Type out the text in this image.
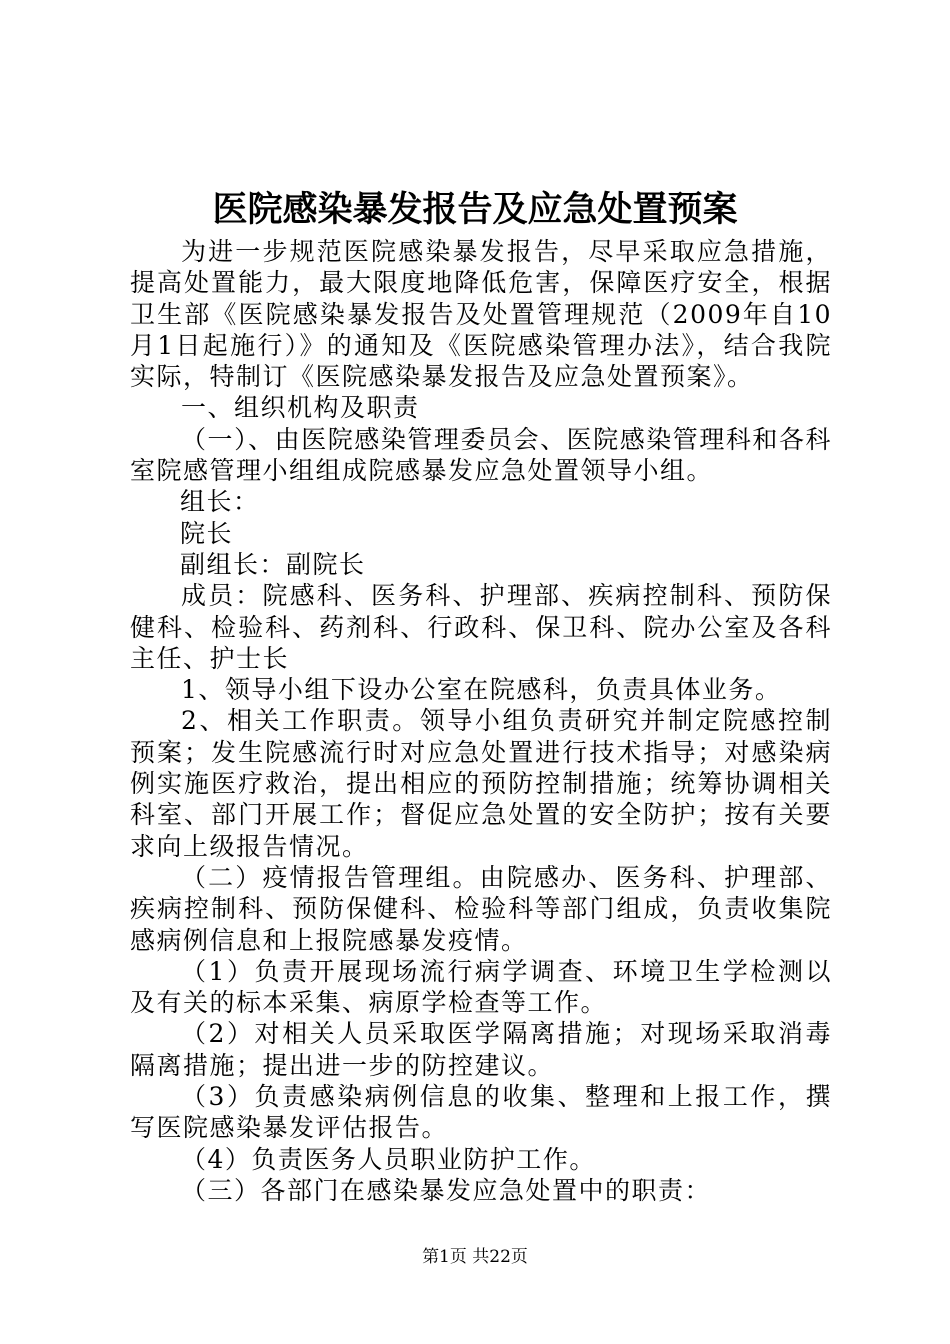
医院感染暴发报告及应急处置预案

为进一步规范医院感染暴发报告，尽早采取应急措施，提高处置能力，最大限度地降低危害，保障医疗安全，根据卫生部《医院感染暴发报告及处置管理规范（2009年自10月1日起施行）》的通知及《医院感染管理办法》，结合我院实际，特制订《医院感染暴发报告及应急处置预案》。

一、组织机构及职责

（一）、由医院感染管理委员会、医院感染管理科和各科室院感管理小组组成院感暴发应急处置领导小组。

组长：

院长

副组长：副院长

成员：院感科、医务科、护理部、疾病控制科、预防保健科、检验科、药剂科、行政科、保卫科、院办公室及各科主任、护士长

1、领导小组下设办公室在院感科，负责具体业务。

2、相关工作职责。领导小组负责研究并制定院感控制预案；发生院感流行时对应急处置进行技术指导；对感染病例实施医疗救治，提出相应的预防控制措施；统筹协调相关科室、部门开展工作；督促应急处置的安全防护；按有关要求向上级报告情况。

（二）疫情报告管理组。由院感办、医务科、护理部、疾病控制科、预防保健科、检验科等部门组成，负责收集院感病例信息和上报院感暴发疫情。

（1）负责开展现场流行病学调查、环境卫生学检测以及有关的标本采集、病原学检查等工作。

（2）对相关人员采取医学隔离措施；对现场采取消毒隔离措施；提出进一步的防控建议。

（3）负责感染病例信息的收集、整理和上报工作，撰写医院感染暴发评估报告。

（4）负责医务人员职业防护工作。

（三）各部门在感染暴发应急处置中的职责：

第1页 共22页
